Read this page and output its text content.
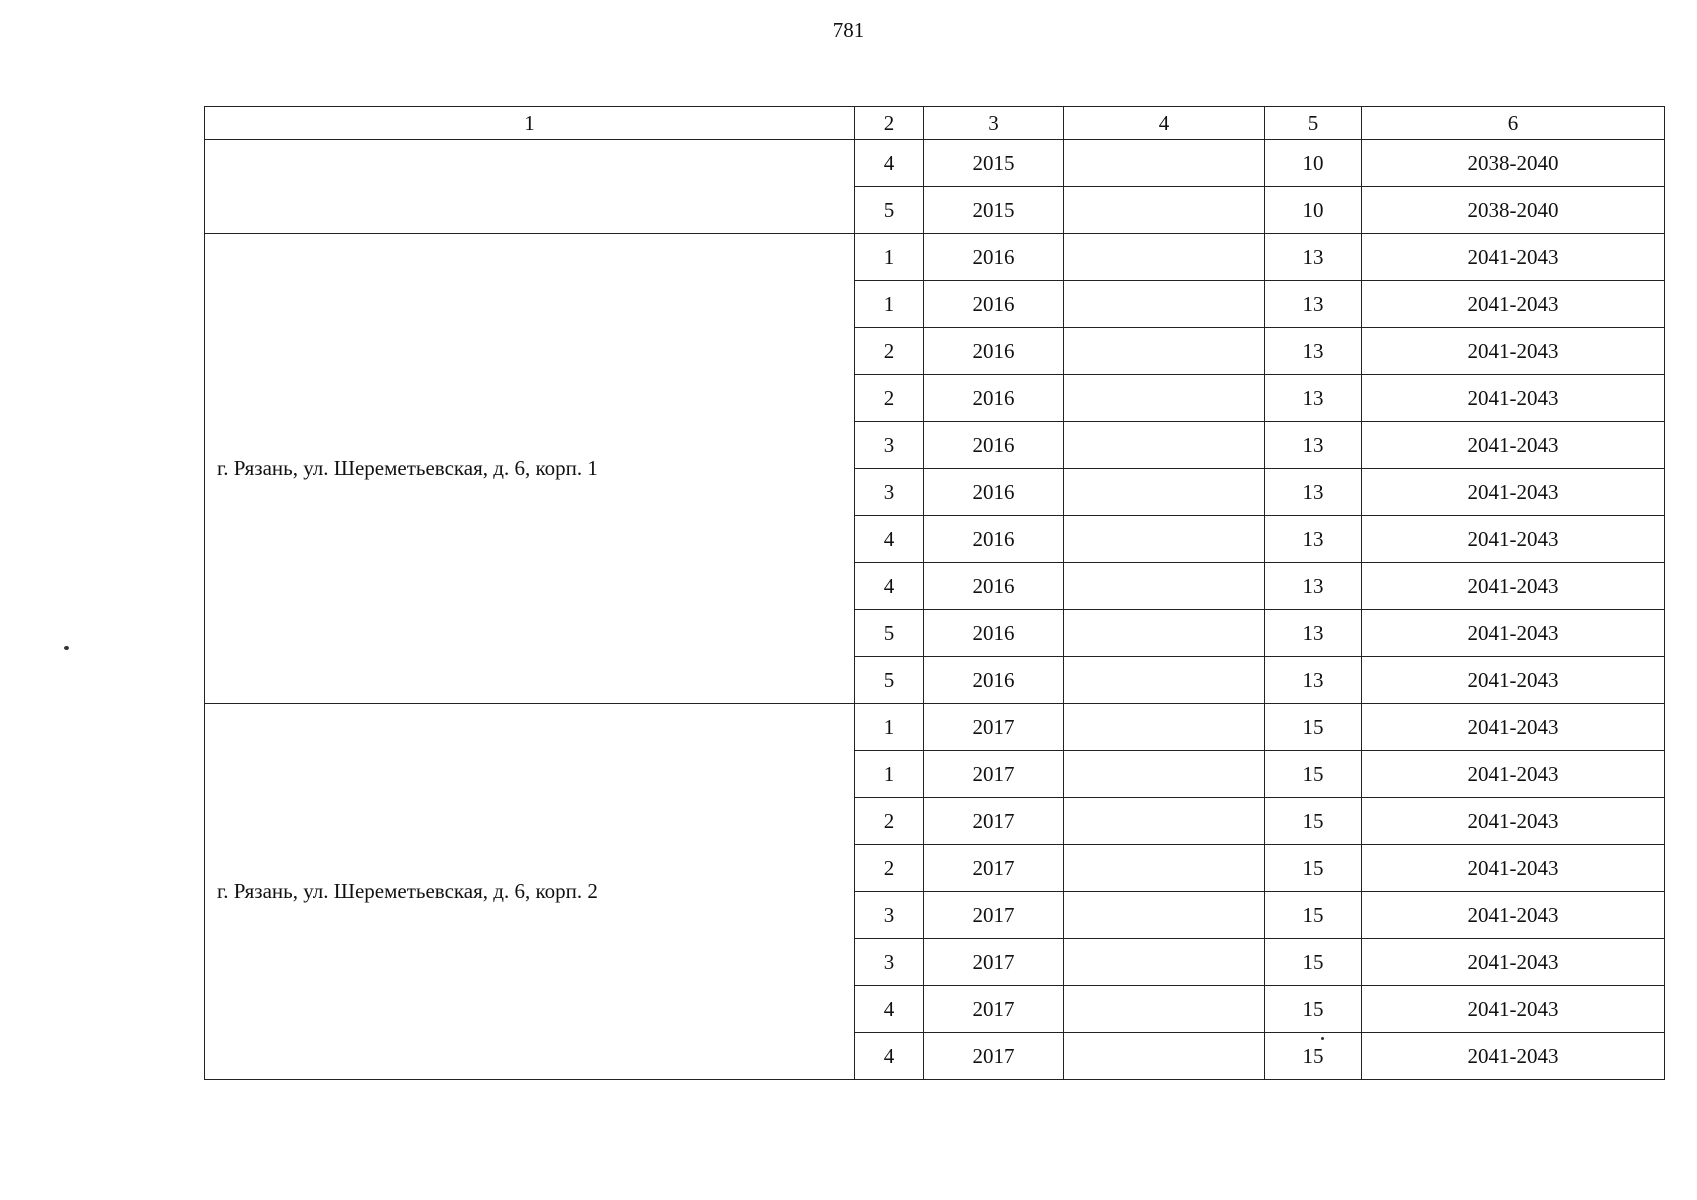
781
1	2	3	4	5	6
	4	2015		10	2038-2040
	5	2015		10	2038-2040
г. Рязань, ул. Шереметьевская, д. 6, корп. 1	1	2016		13	2041-2043
	1	2016		13	2041-2043
	2	2016		13	2041-2043
	2	2016		13	2041-2043
	3	2016		13	2041-2043
	3	2016		13	2041-2043
	4	2016		13	2041-2043
	4	2016		13	2041-2043
	5	2016		13	2041-2043
	5	2016		13	2041-2043
г. Рязань, ул. Шереметьевская, д. 6, корп. 2	1	2017		15	2041-2043
	1	2017		15	2041-2043
	2	2017		15	2041-2043
	2	2017		15	2041-2043
	3	2017		15	2041-2043
	3	2017		15	2041-2043
	4	2017		15	2041-2043
	4	2017		15	2041-2043
